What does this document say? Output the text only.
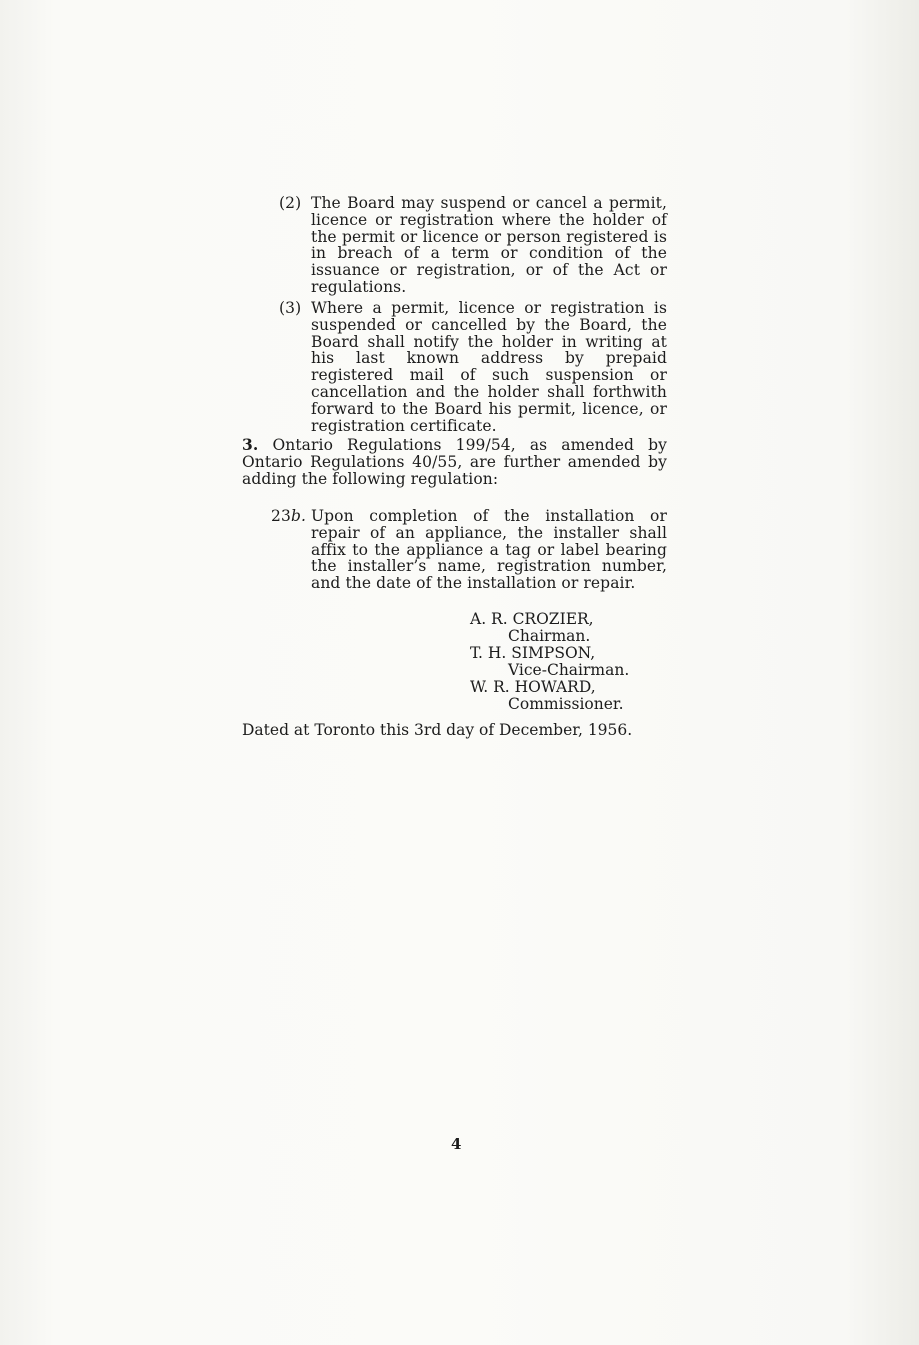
(2) The Board may suspend or cancel a permit, licence or registration where the holder of the permit or licence or person registered is in breach of a term or condition of the issuance or registration, or of the Act or regulations.
(3) Where a permit, licence or registration is suspended or cancelled by the Board, the Board shall notify the holder in writing at his last known address by prepaid registered mail of such suspension or cancellation and the holder shall forthwith forward to the Board his permit, licence, or registration certificate.
3. Ontario Regulations 199/54, as amended by Ontario Regulations 40/55, are further amended by adding the following regulation:
23b. Upon completion of the installation or repair of an appliance, the installer shall affix to the appliance a tag or label bearing the installer’s name, registration number, and the date of the installation or repair.
A. R. CROZIER,
Chairman.
T. H. SIMPSON,
Vice-Chairman.
W. R. HOWARD,
Commissioner.
Dated at Toronto this 3rd day of December, 1956.
4
